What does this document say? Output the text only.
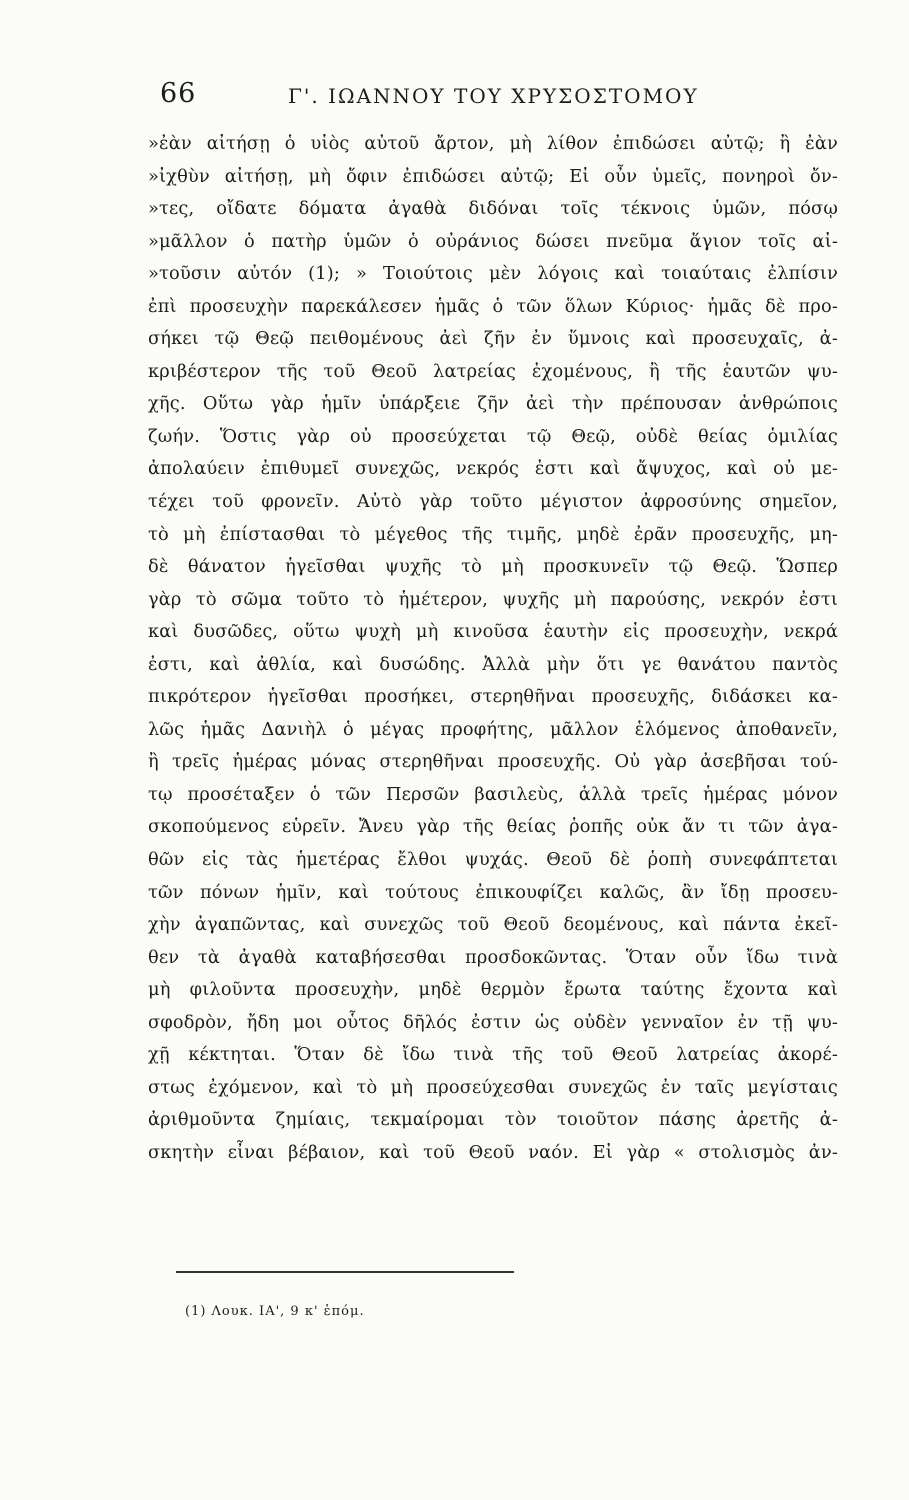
66	Γ'. ΙΩΑΝΝΟΥ ΤΟΥ ΧΡΥΣΟΣΤΟΜΟΥ
»ἐὰν αἰτήσῃ ὁ υἱὸς αὐτοῦ ἄρτον, μὴ λίθον ἐπιδώσει αὐτῷ; ἢ ἐὰν
»ἰχθὺν αἰτήσῃ, μὴ ὄφιν ἐπιδώσει αὐτῷ; Εἰ οὖν ὑμεῖς, πονηροὶ ὄν-
»τες, οἴδατε δόματα ἀγαθὰ διδόναι τοῖς τέκνοις ὑμῶν, πόσῳ
»μᾶλλον ὁ πατὴρ ὑμῶν ὁ οὐράνιος δώσει πνεῦμα ἅγιον τοῖς αἰ-
»τοῦσιν αὐτόν (1); » Τοιούτοις μὲν λόγοις καὶ τοιαύταις ἐλπίσιν
ἐπὶ προσευχὴν παρεκάλεσεν ἡμᾶς ὁ τῶν ὅλων Κύριος· ἡμᾶς δὲ προ-
σήκει τῷ Θεῷ πειθομένους ἀεὶ ζῆν ἐν ὕμνοις καὶ προσευχαῖς, ἀ-
κριβέστερον τῆς τοῦ Θεοῦ λατρείας ἐχομένους, ἢ τῆς ἑαυτῶν ψυ-
χῆς. Οὕτω γὰρ ἡμῖν ὑπάρξειε ζῆν ἀεὶ τὴν πρέπουσαν ἀνθρώποις
ζωήν. Ὅστις γὰρ οὐ προσεύχεται τῷ Θεῷ, οὐδὲ θείας ὁμιλίας
ἀπολαύειν ἐπιθυμεῖ συνεχῶς, νεκρός ἐστι καὶ ἄψυχος, καὶ οὐ με-
τέχει τοῦ φρονεῖν. Αὐτὸ γὰρ τοῦτο μέγιστον ἀφροσύνης σημεῖον,
τὸ μὴ ἐπίστασθαι τὸ μέγεθος τῆς τιμῆς, μηδὲ ἐρᾶν προσευχῆς, μη-
δὲ θάνατον ἡγεῖσθαι ψυχῆς τὸ μὴ προσκυνεῖν τῷ Θεῷ. Ὥσπερ
γὰρ τὸ σῶμα τοῦτο τὸ ἡμέτερον, ψυχῆς μὴ παρούσης, νεκρόν ἐστι
καὶ δυσῶδες, οὕτω ψυχὴ μὴ κινοῦσα ἑαυτὴν εἰς προσευχὴν, νεκρά
ἐστι, καὶ ἀθλία, καὶ δυσώδης. Ἀλλὰ μὴν ὅτι γε θανάτου παντὸς
πικρότερον ἡγεῖσθαι προσήκει, στερηθῆναι προσευχῆς, διδάσκει κα-
λῶς ἡμᾶς Δανιὴλ ὁ μέγας προφήτης, μᾶλλον ἑλόμενος ἀποθανεῖν,
ἢ τρεῖς ἡμέρας μόνας στερηθῆναι προσευχῆς. Οὐ γὰρ ἀσεβῆσαι τού-
τῳ προσέταξεν ὁ τῶν Περσῶν βασιλεὺς, ἀλλὰ τρεῖς ἡμέρας μόνον
σκοπούμενος εὑρεῖν. Ἄνευ γὰρ τῆς θείας ῥοπῆς οὐκ ἄν τι τῶν ἀγα-
θῶν εἰς τὰς ἡμετέρας ἔλθοι ψυχάς. Θεοῦ δὲ ῥοπὴ συνεφάπτεται
τῶν πόνων ἡμῖν, καὶ τούτους ἐπικουφίζει καλῶς, ἂν ἴδῃ προσευ-
χὴν ἀγαπῶντας, καὶ συνεχῶς τοῦ Θεοῦ δεομένους, καὶ πάντα ἐκεῖ-
θεν τὰ ἀγαθὰ καταβήσεσθαι προσδοκῶντας. Ὅταν οὖν ἴδω τινὰ
μὴ φιλοῦντα προσευχὴν, μηδὲ θερμὸν ἔρωτα ταύτης ἔχοντα καὶ
σφοδρὸν, ἤδη μοι οὗτος δῆλός ἐστιν ὡς οὐδὲν γενναῖον ἐν τῇ ψυ-
χῇ κέκτηται. Ὅταν δὲ ἴδω τινὰ τῆς τοῦ Θεοῦ λατρείας ἀκορέ-
στως ἐχόμενον, καὶ τὸ μὴ προσεύχεσθαι συνεχῶς ἐν ταῖς μεγίσταις
ἀριθμοῦντα ζημίαις, τεκμαίρομαι τὸν τοιοῦτον πάσης ἀρετῆς ἀ-
σκητὴν εἶναι βέβαιον, καὶ τοῦ Θεοῦ ναόν. Εἰ γὰρ « στολισμὸς ἀν-
(1) Λουκ. ΙΑ', 9 κ' ἑπόμ.
